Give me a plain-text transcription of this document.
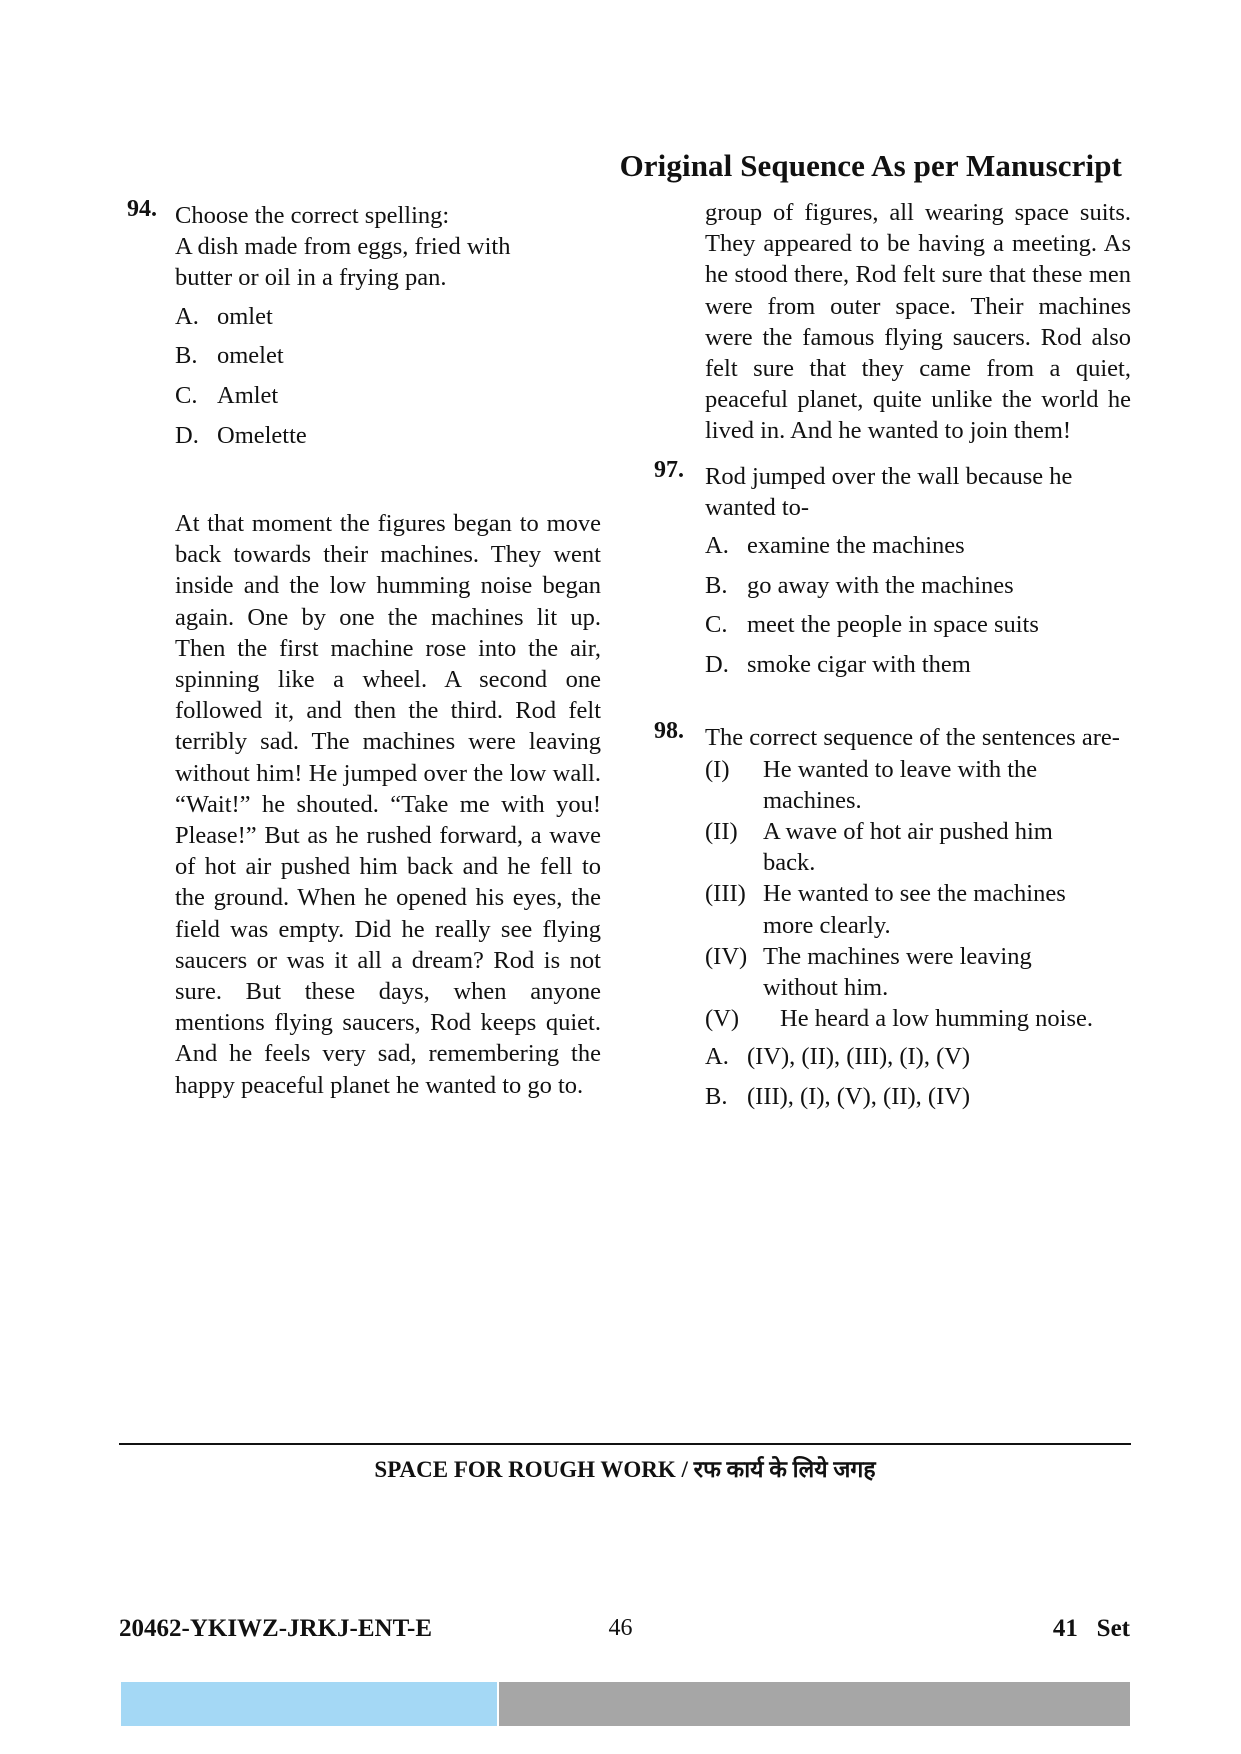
Original Sequence As per Manuscript
94. Choose the correct spelling:
A dish made from eggs, fried with butter or oil in a frying pan.
A. omlet
B. omelet
C. Amlet
D. Omelette
At that moment the figures began to move back towards their machines. They went inside and the low humming noise began again. One by one the machines lit up. Then the first machine rose into the air, spinning like a wheel. A second one followed it, and then the third. Rod felt terribly sad. The machines were leaving without him! He jumped over the low wall. “Wait!” he shouted. “Take me with you! Please!” But as he rushed forward, a wave of hot air pushed him back and he fell to the ground. When he opened his eyes, the field was empty. Did he really see flying saucers or was it all a dream? Rod is not sure. But these days, when anyone mentions flying saucers, Rod keeps quiet. And he feels very sad, remembering the happy peaceful planet he wanted to go to.
group of figures, all wearing space suits. They appeared to be having a meeting. As he stood there, Rod felt sure that these men were from outer space. Their machines were the famous flying saucers. Rod also felt sure that they came from a quiet, peaceful planet, quite unlike the world he lived in. And he wanted to join them!
97. Rod jumped over the wall because he wanted to-
A. examine the machines
B. go away with the machines
C. meet the people in space suits
D. smoke cigar with them
98. The correct sequence of the sentences are-
(I)	He wanted to leave with the machines.
(II)	A wave of hot air pushed him back.
(III) He wanted to see the machines more clearly.
(IV) The machines were leaving without him.
(V)	He heard a low humming noise.
A. (IV), (II), (III), (I), (V)
B. (III), (I), (V), (II), (IV)
SPACE FOR ROUGH WORK / रफ कार्य के लिये जगह
20462-YKIWZ-JRKJ-ENT-E	46	41   Set
